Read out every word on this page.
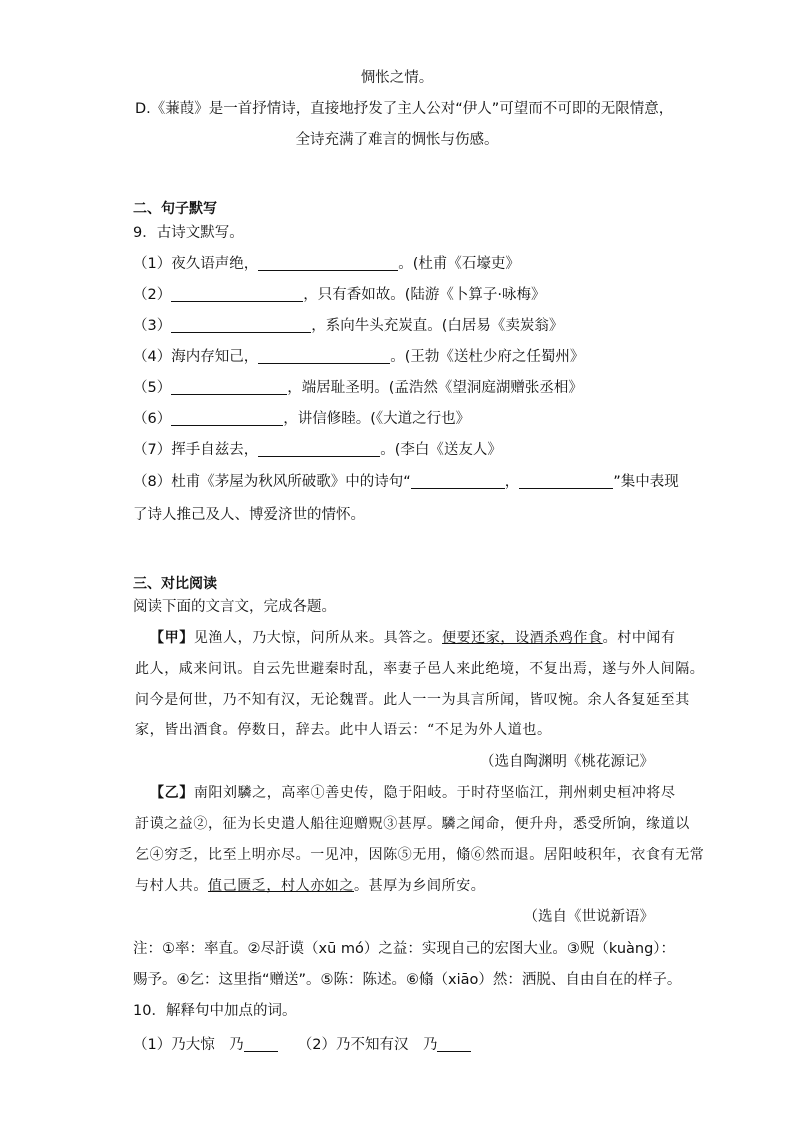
惆怅之情。
D.《蒹葭》是一首抒情诗，直接地抒发了主人公对“伊人”可望而不可即的无限情意，
全诗充满了难言的惆怅与伤感。
二、句子默写
9．古诗文默写。
（1）夜久语声绝，	。(杜甫《石壕吏》
（2）	，只有香如故。(陆游《卜算子·咏梅》
（3）	，系向牛头充炭直。(白居易《卖炭翁》
（4）海内存知己，	。(王勃《送杜少府之任蜀州》
（5）	，端居耻圣明。(孟浩然《望洞庭湖赠张丞相》
（6）	，讲信修睦。(《大道之行也》
（7）挥手自兹去，	。(李白《送友人》
（8）杜甫《茅屋为秋风所破歌》中的诗句“	，	”集中表现
了诗人推己及人、博爱济世的情怀。
三、对比阅读
阅读下面的文言文，完成各题。
【甲】见渔人，乃大惊，问所从来。具答之。便要还家，设酒杀鸡作食。村中闻有
此人，咸来问讯。自云先世避秦时乱，率妻子邑人来此绝境，不复出焉，遂与外人间隔。
问今是何世，乃不知有汉，无论魏晋。此人一一为具言所闻，皆叹惋。余人各复延至其
家，皆出酒食。停数日，辞去。此中人语云：“不足为外人道也。
（选自陶渊明《桃花源记》
【乙】南阳刘驎之，高率①善史传，隐于阳岐。于时苻坚临江，荆州刺史桓冲将尽
訏谟之益②，征为长史遣人船往迎赠贶③甚厚。驎之闻命，便升舟，悉受所饷，缘道以
乞④穷乏，比至上明亦尽。一见冲，因陈⑤无用，翛⑥然而退。居阳岐积年，衣食有无常
与村人共。值己匮乏，村人亦如之。甚厚为乡闾所安。
（选自《世说新语》
注：①率：率直。②尽訏谟（xū mó）之益：实现自己的宏图大业。③贶（kuàng）：
赐予。④乞：这里指“赠送”。⑤陈：陈述。⑥翛（xiāo）然：洒脱、自由自在的样子。
10．解释句中加点的词。
（1）乃大惊　乃	（2）乃不知有汉　乃
